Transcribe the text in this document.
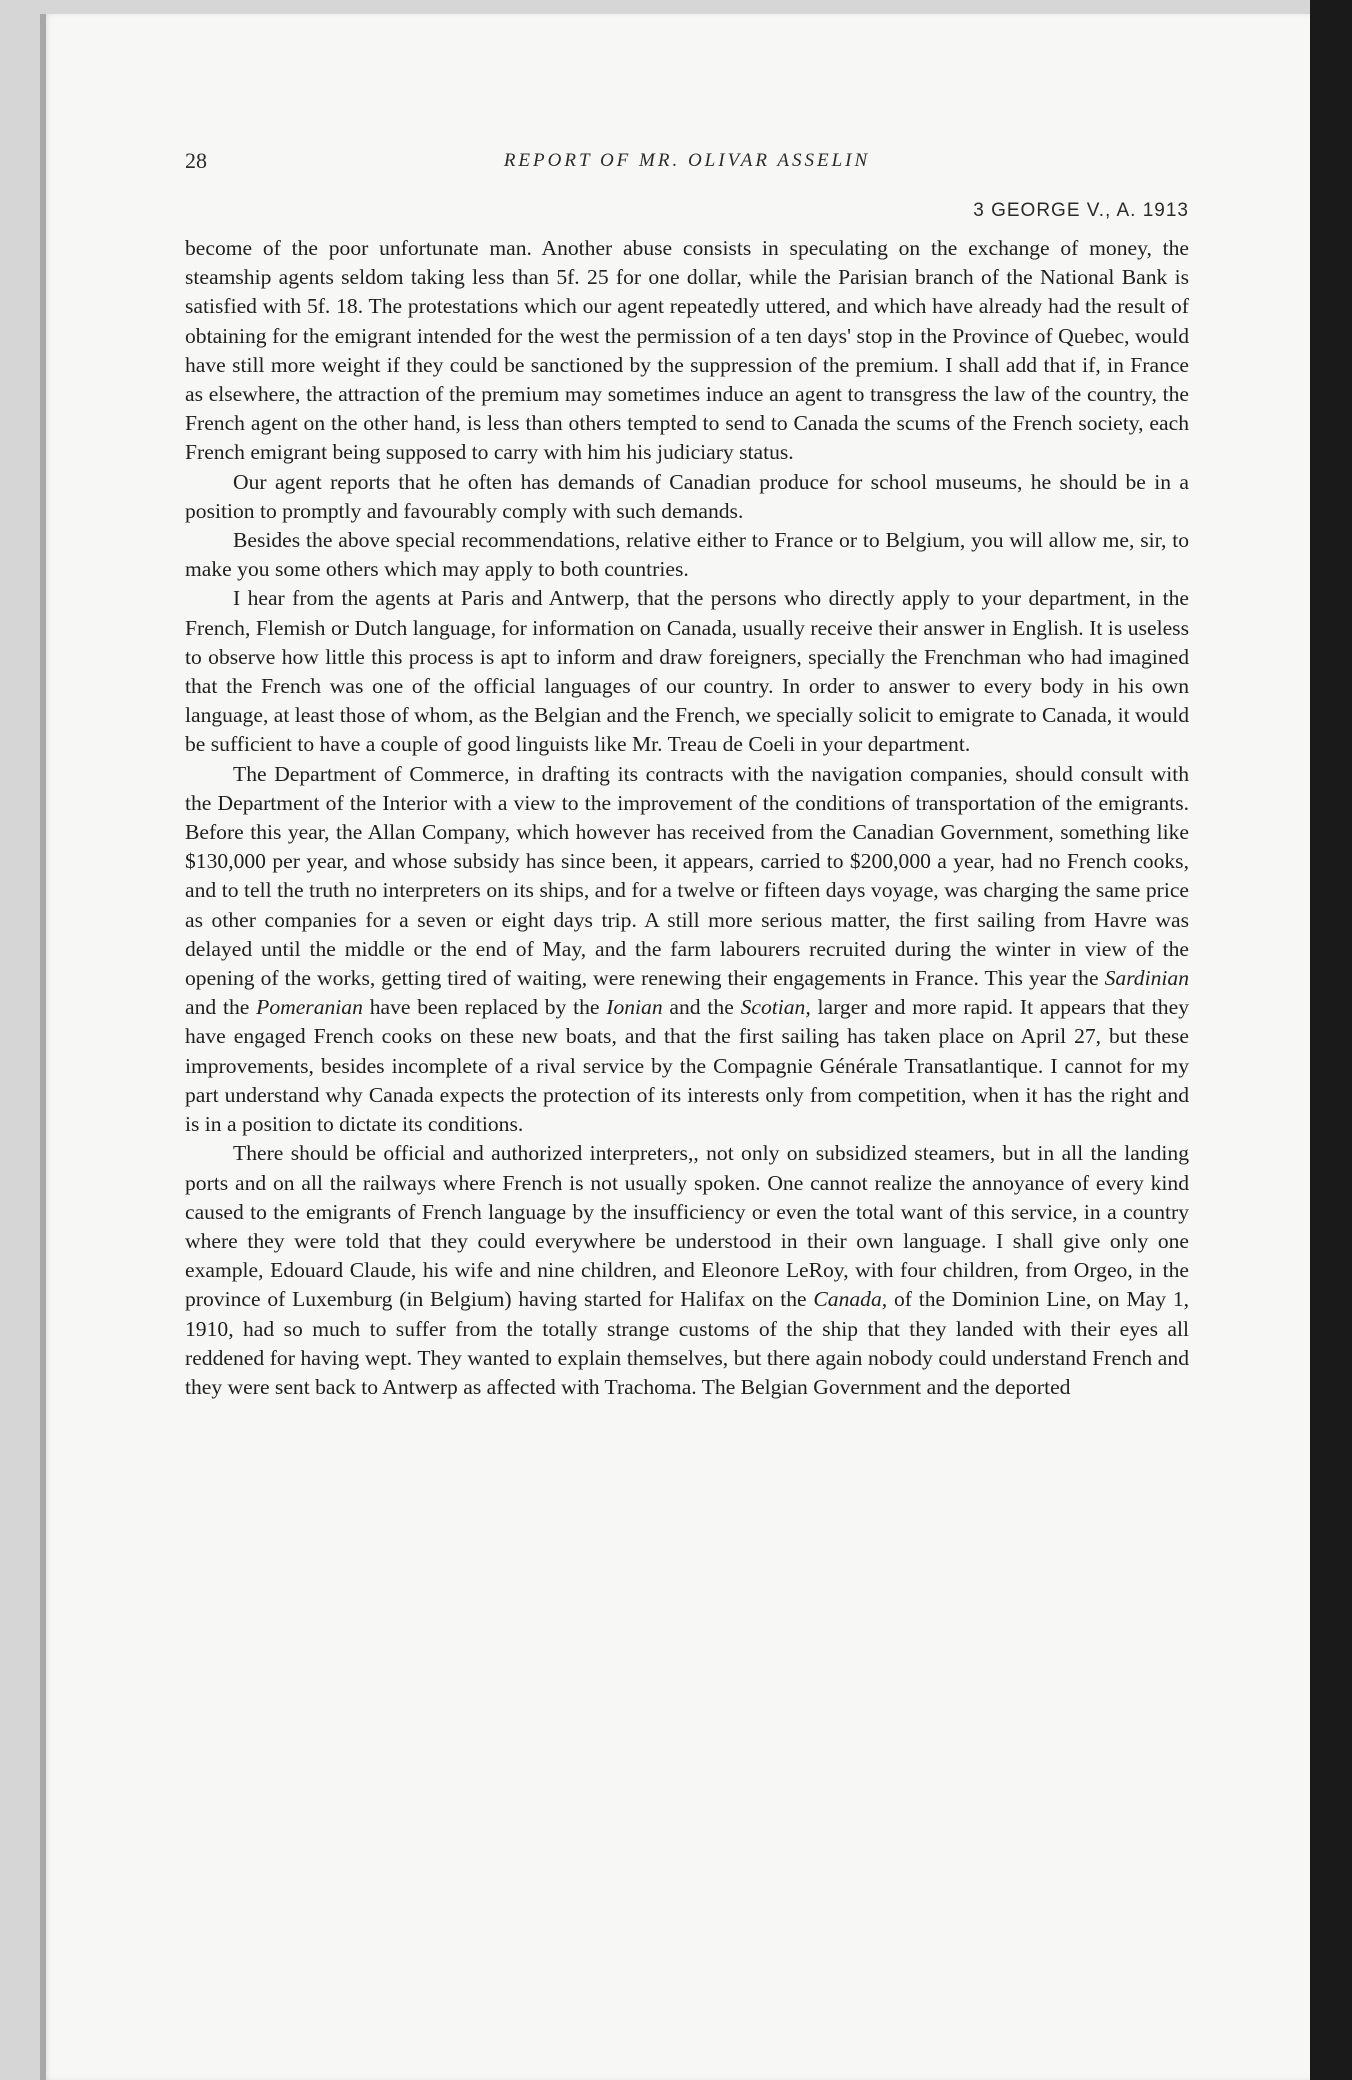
28	REPORT OF MR. OLIVAR ASSELIN
3 GEORGE V., A. 1913

become of the poor unfortunate man. Another abuse consists in speculating on the exchange of money, the steamship agents seldom taking less than 5f. 25 for one dollar, while the Parisian branch of the National Bank is satisfied with 5f. 18. The protestations which our agent repeatedly uttered, and which have already had the result of obtaining for the emigrant intended for the west the permission of a ten days' stop in the Province of Quebec, would have still more weight if they could be sanctioned by the suppression of the premium. I shall add that if, in France as elsewhere, the attraction of the premium may sometimes induce an agent to transgress the law of the country, the French agent on the other hand, is less than others tempted to send to Canada the scums of the French society, each French emigrant being supposed to carry with him his judiciary status.

Our agent reports that he often has demands of Canadian produce for school museums, he should be in a position to promptly and favourably comply with such demands.

Besides the above special recommendations, relative either to France or to Belgium, you will allow me, sir, to make you some others which may apply to both countries.

I hear from the agents at Paris and Antwerp, that the persons who directly apply to your department, in the French, Flemish or Dutch language, for information on Canada, usually receive their answer in English. It is useless to observe how little this process is apt to inform and draw foreigners, specially the Frenchman who had imagined that the French was one of the official languages of our country. In order to answer to every body in his own language, at least those of whom, as the Belgian and the French, we specially solicit to emigrate to Canada, it would be sufficient to have a couple of good linguists like Mr. Treau de Coeli in your department.

The Department of Commerce, in drafting its contracts with the navigation companies, should consult with the Department of the Interior with a view to the improvement of the conditions of transportation of the emigrants. Before this year, the Allan Company, which however has received from the Canadian Government, something like $130,000 per year, and whose subsidy has since been, it appears, carried to $200,000 a year, had no French cooks, and to tell the truth no interpreters on its ships, and for a twelve or fifteen days voyage, was charging the same price as other companies for a seven or eight days trip. A still more serious matter, the first sailing from Havre was delayed until the middle or the end of May, and the farm labourers recruited during the winter in view of the opening of the works, getting tired of waiting, were renewing their engagements in France. This year the Sardinian and the Pomeranian have been replaced by the Ionian and the Scotian, larger and more rapid. It appears that they have engaged French cooks on these new boats, and that the first sailing has taken place on April 27, but these improvements, besides incomplete of a rival service by the Compagnie Générale Transatlantique. I cannot for my part understand why Canada expects the protection of its interests only from competition, when it has the right and is in a position to dictate its conditions.

There should be official and authorized interpreters,, not only on subsidized steamers, but in all the landing ports and on all the railways where French is not usually spoken. One cannot realize the annoyance of every kind caused to the emigrants of French language by the insufficiency or even the total want of this service, in a country where they were told that they could everywhere be understood in their own language. I shall give only one example, Edouard Claude, his wife and nine children, and Eleonore LeRoy, with four children, from Orgeo, in the province of Luxemburg (in Belgium) having started for Halifax on the Canada, of the Dominion Line, on May 1, 1910, had so much to suffer from the totally strange customs of the ship that they landed with their eyes all reddened for having wept. They wanted to explain themselves, but there again nobody could understand French and they were sent back to Antwerp as affected with Trachoma. The Belgian Government and the deported
